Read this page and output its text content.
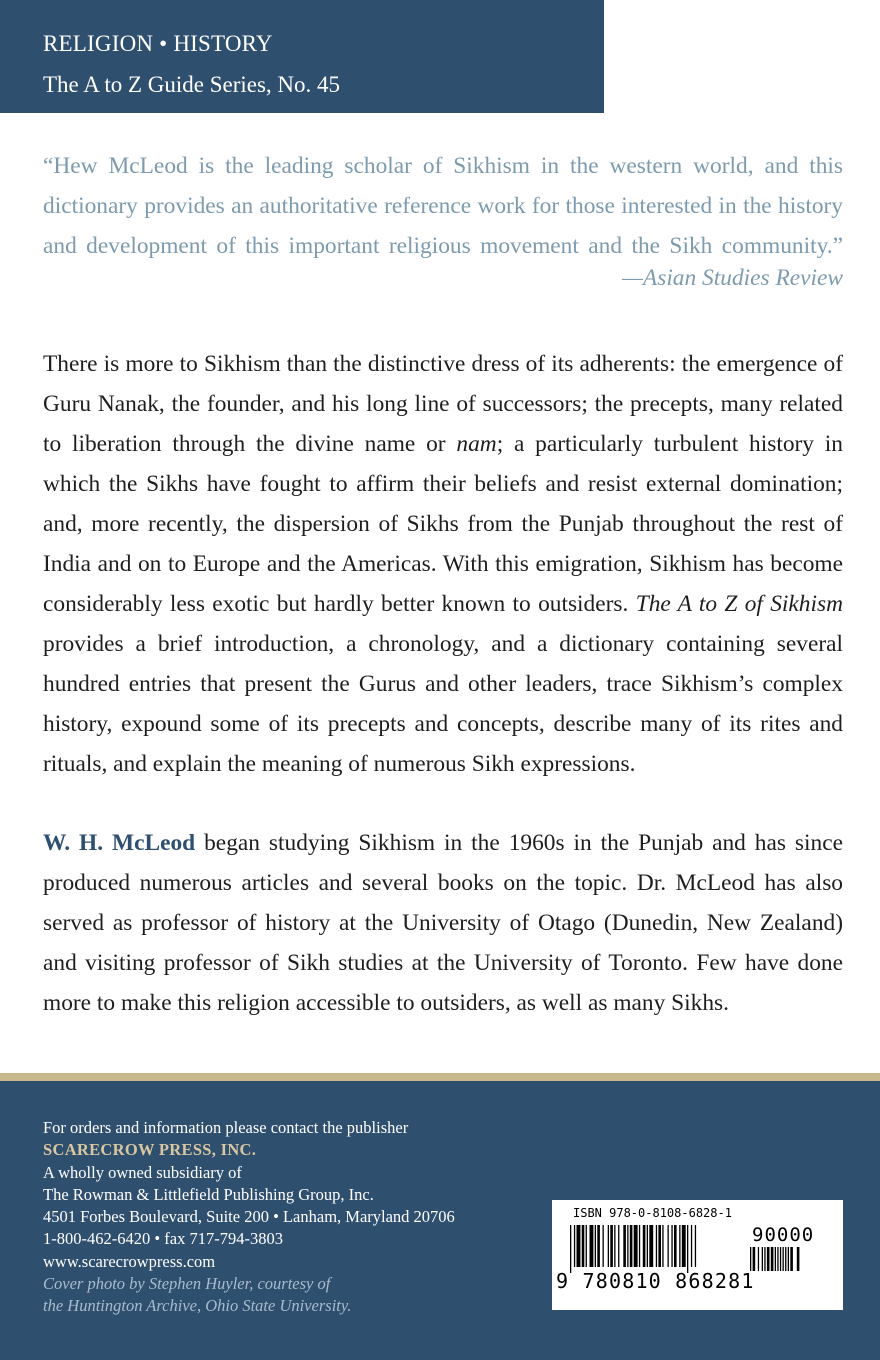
RELIGION • HISTORY
The A to Z Guide Series, No. 45
“Hew McLeod is the leading scholar of Sikhism in the western world, and this dictionary provides an authoritative reference work for those interested in the history and development of this important religious movement and the Sikh community.”
—Asian Studies Review
There is more to Sikhism than the distinctive dress of its adherents: the emergence of Guru Nanak, the founder, and his long line of successors; the precepts, many related to liberation through the divine name or nam; a particularly turbulent history in which the Sikhs have fought to affirm their beliefs and resist external domination; and, more recently, the dispersion of Sikhs from the Punjab throughout the rest of India and on to Europe and the Americas. With this emigration, Sikhism has become considerably less exotic but hardly better known to outsiders. The A to Z of Sikhism provides a brief introduction, a chronology, and a dictionary containing several hundred entries that present the Gurus and other leaders, trace Sikhism’s complex history, expound some of its precepts and concepts, describe many of its rites and rituals, and explain the meaning of numerous Sikh expressions.
W. H. McLeod began studying Sikhism in the 1960s in the Punjab and has since produced numerous articles and several books on the topic. Dr. McLeod has also served as professor of history at the University of Otago (Dunedin, New Zealand) and visiting professor of Sikh studies at the University of Toronto. Few have done more to make this religion accessible to outsiders, as well as many Sikhs.
For orders and information please contact the publisher
SCARECROW PRESS, INC.
A wholly owned subsidiary of
The Rowman & Littlefield Publishing Group, Inc.
4501 Forbes Boulevard, Suite 200 • Lanham, Maryland 20706
1-800-462-6420 • fax 717-794-3803
www.scarecrowpress.com
Cover photo by Stephen Huyler, courtesy of
the Huntington Archive, Ohio State University.
ISBN 978-0-8108-6828-1
90000
9 780810 868281
